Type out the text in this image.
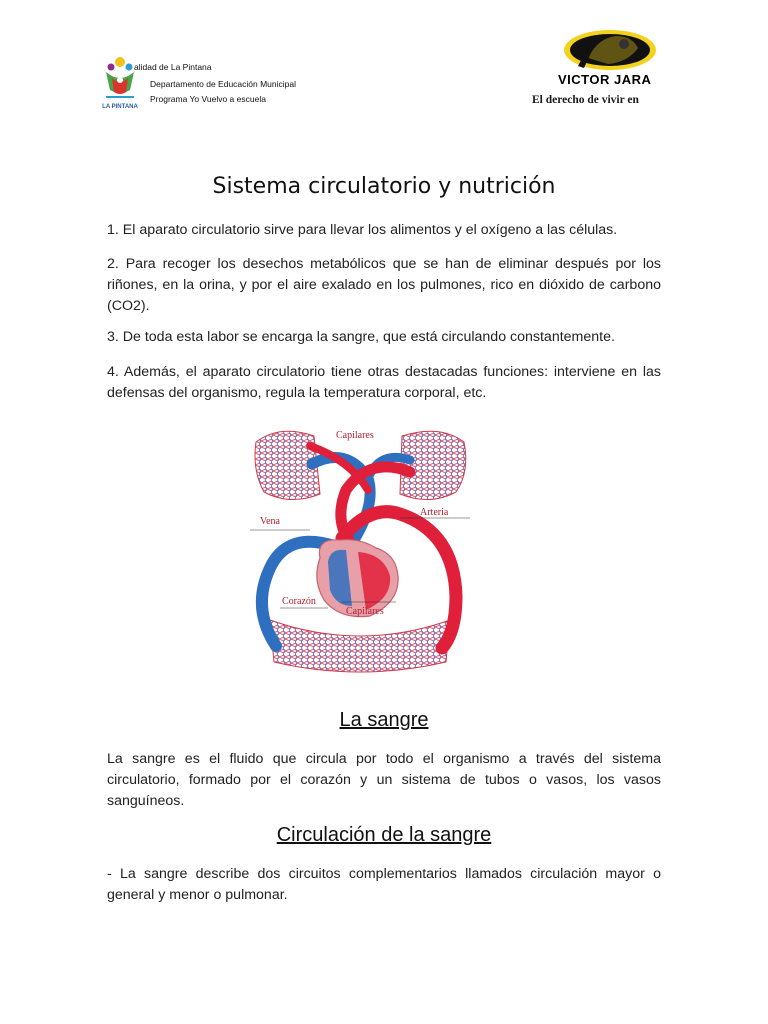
LA PINTANA
alidad de La Pintana
Departamento de Educación Municipal
Programa Yo Vuelvo a escuela
VICTOR JARA
El derecho de vivir en
Sistema circulatorio y nutrición

1. El aparato circulatorio sirve para llevar los alimentos y el oxígeno a las células.

2. Para recoger los desechos metabólicos que se han de eliminar después por los riñones, en la orina, y por el aire exalado en los pulmones, rico en dióxido de carbono (CO2).

3. De toda esta labor se encarga la sangre, que está circulando constantemente.

4. Además, el aparato circulatorio tiene otras destacadas funciones: interviene en las defensas del organismo, regula la temperatura corporal, etc.

Capilares
Vena
Arteria
Corazón
Capilares
La sangre

La sangre es el fluido que circula por todo el organismo a través del sistema circulatorio, formado por el corazón y un sistema de tubos o vasos, los vasos sanguíneos.

Circulación de la sangre

- La sangre describe dos circuitos complementarios llamados circulación mayor o general y menor o pulmonar.
